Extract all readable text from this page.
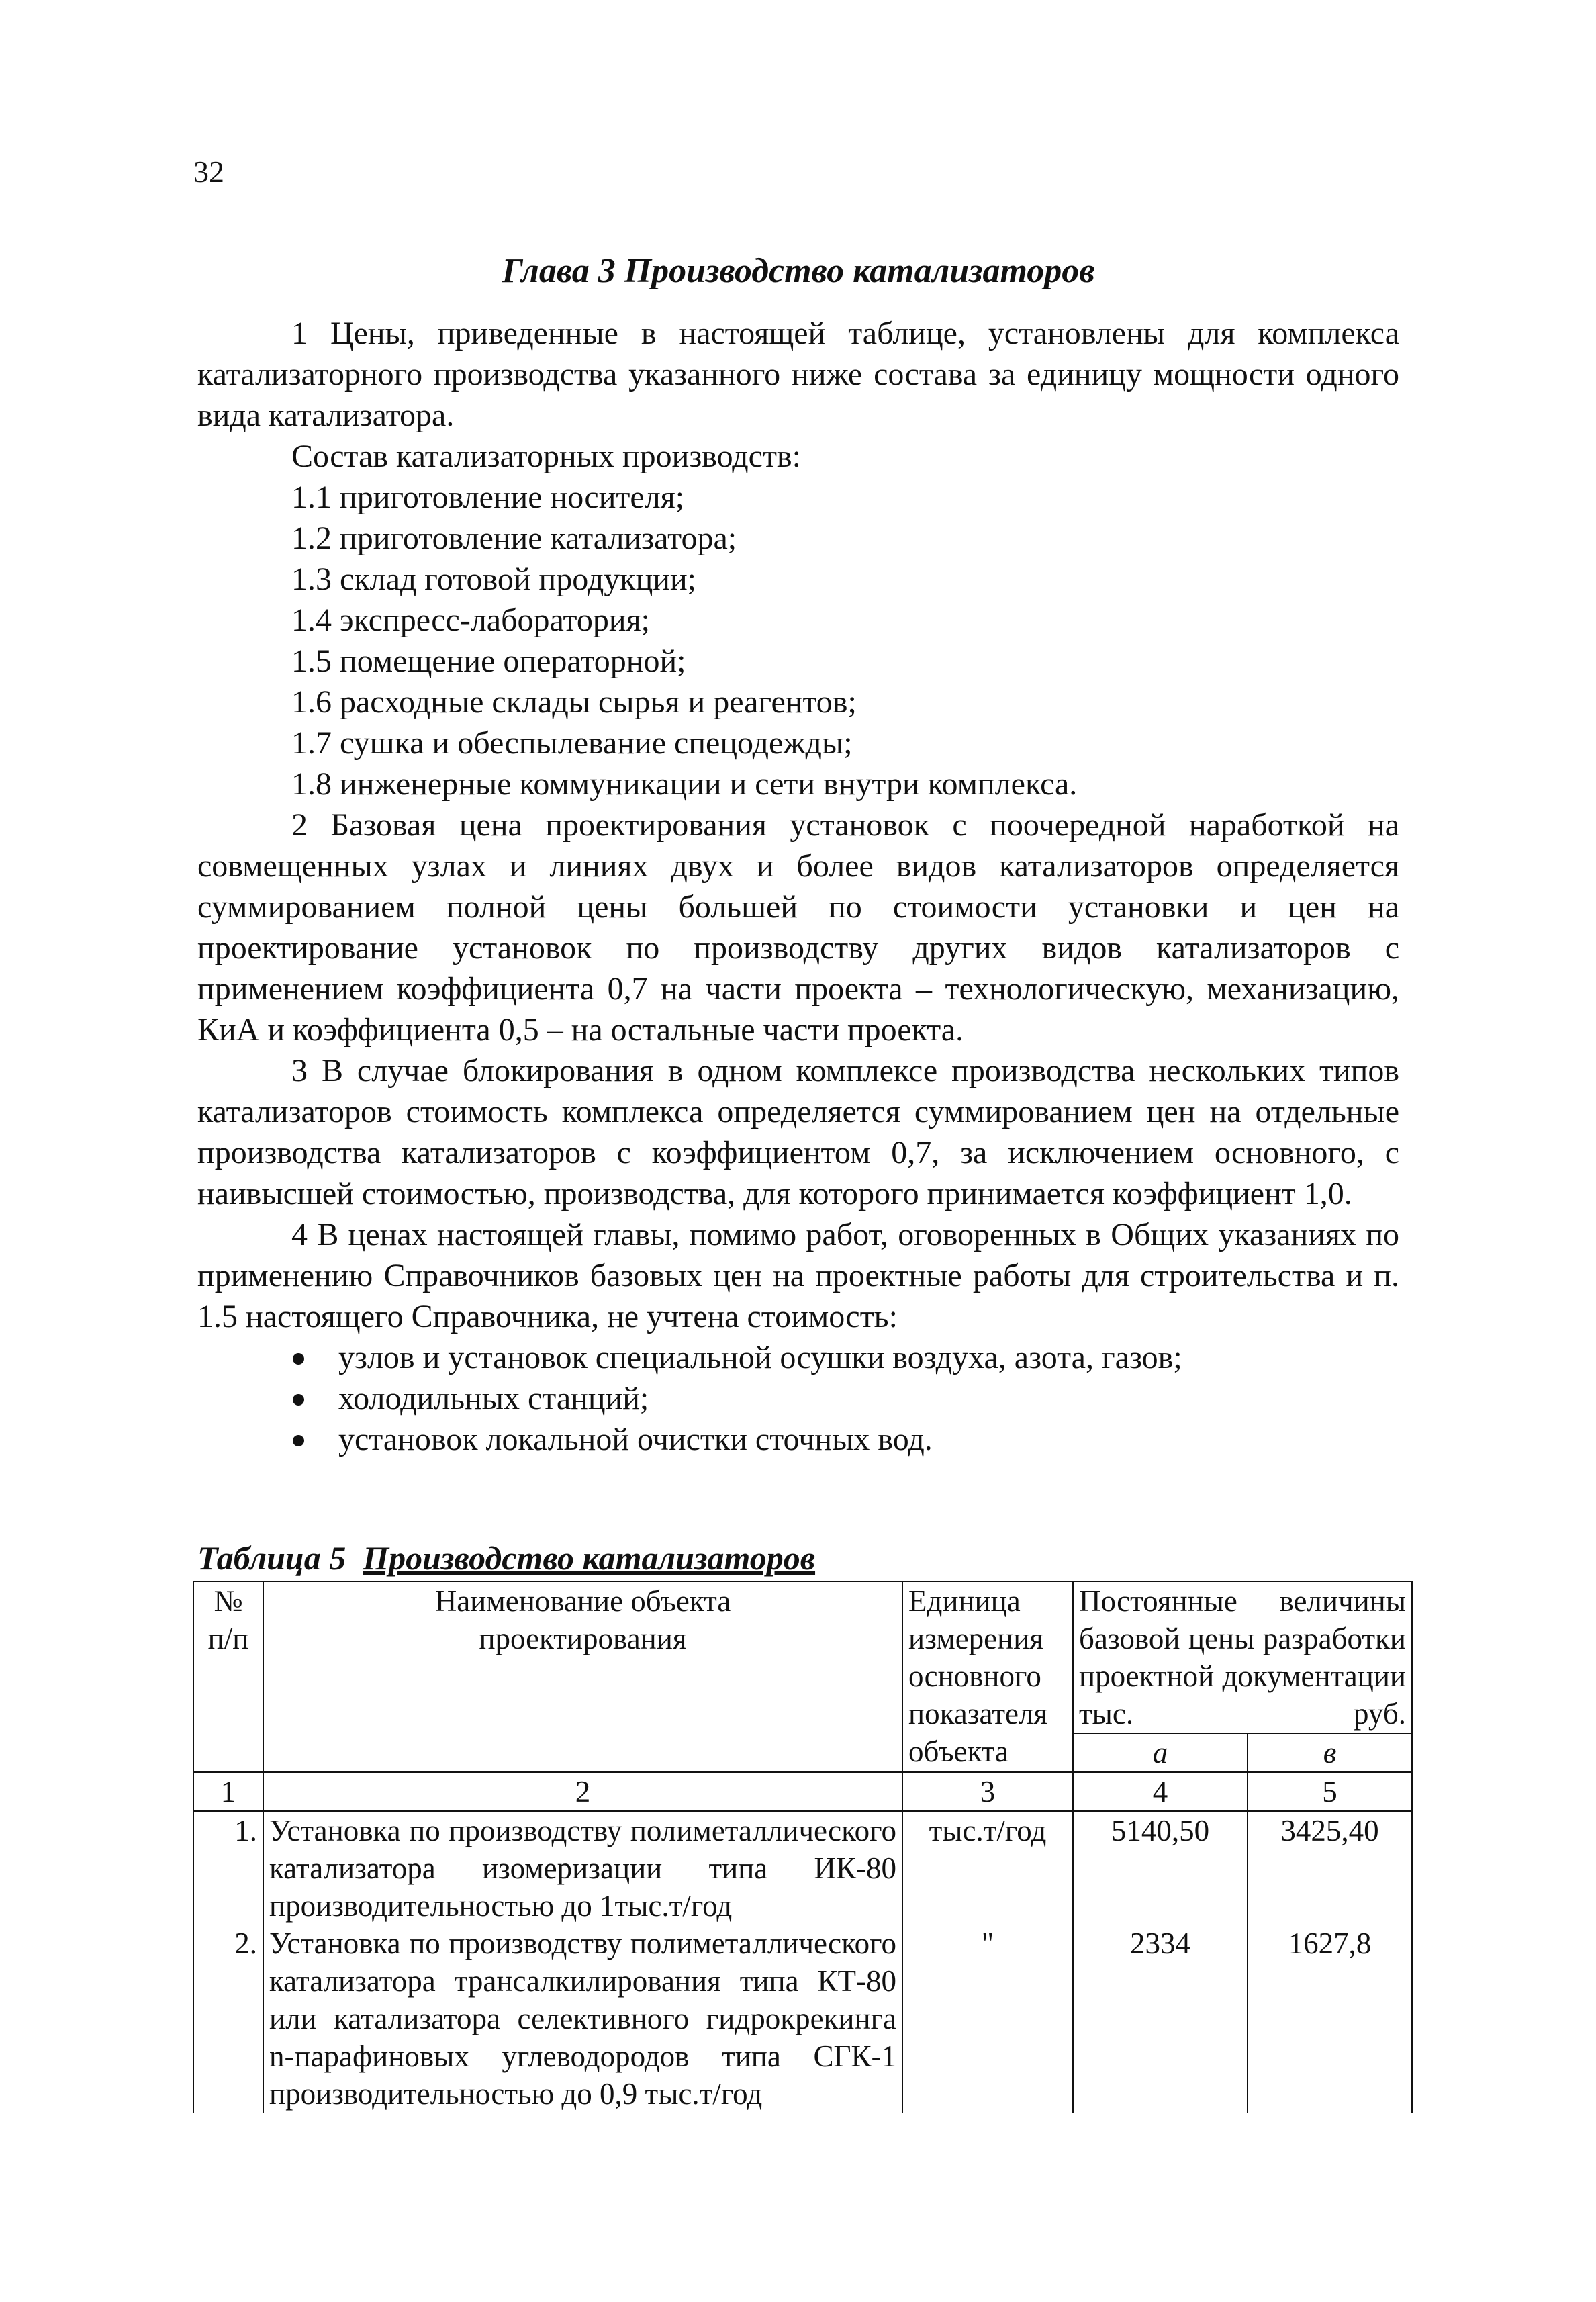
32
Глава 3 Производство катализаторов

1 Цены, приведенные в настоящей таблице, установлены для комплекса катализаторного производства указанного ниже состава за единицу мощности одного вида катализатора.

Состав катализаторных производств:

1.1 приготовление носителя;

1.2 приготовление катализатора;

1.3 склад готовой продукции;

1.4 экспресс-лаборатория;

1.5 помещение операторной;

1.6 расходные склады сырья и реагентов;

1.7 сушка и обеспылевание спецодежды;

1.8 инженерные коммуникации и сети внутри комплекса.

2 Базовая цена проектирования установок с поочередной наработкой на совмещенных узлах и линиях двух и более видов катализаторов определяется суммированием полной цены большей по стоимости установки и цен на проектирование установок по производству других видов катализаторов с применением коэффициента 0,7 на части проекта – технологическую, механизацию, КиА и коэффициента 0,5 – на остальные части проекта.

3 В случае блокирования в одном комплексе производства нескольких типов катализаторов стоимость комплекса определяется суммированием цен на отдельные производства катализаторов с коэффициентом 0,7, за исключением основного, с наивысшей стоимостью, производства, для которого принимается коэффициент 1,0.

4 В ценах настоящей главы, помимо работ, оговоренных в Общих указаниях по применению Справочников базовых цен на проектные работы для строительства и п. 1.5 настоящего Справочника, не учтена стоимость:

узлов и установок специальной осушки воздуха, азота, газов;
холодильных станций;
установок локальной очистки сточных вод.
Таблица 5 Производство катализаторов
№
п/п	Наименование объекта проектирования	Единица измерения основного показателя объекта	Постоянные величины базовой цены разработки проектной документации тыс. руб.	
			а	в
1	2	3	4	5
1.	Установка по производству полиметаллического катализатора изомеризации типа ИК-80 производительностью до 1тыс.т/год	тыс.т/год	5140,50	3425,40
2.	Установка по производству полиметаллического катализатора трансалкилирования типа КТ-80 или катализатора селективного гидрокрекинга n-парафиновых углеводородов типа СГК-1 производительностью до 0,9 тыс.т/год	"	2334	1627,8
